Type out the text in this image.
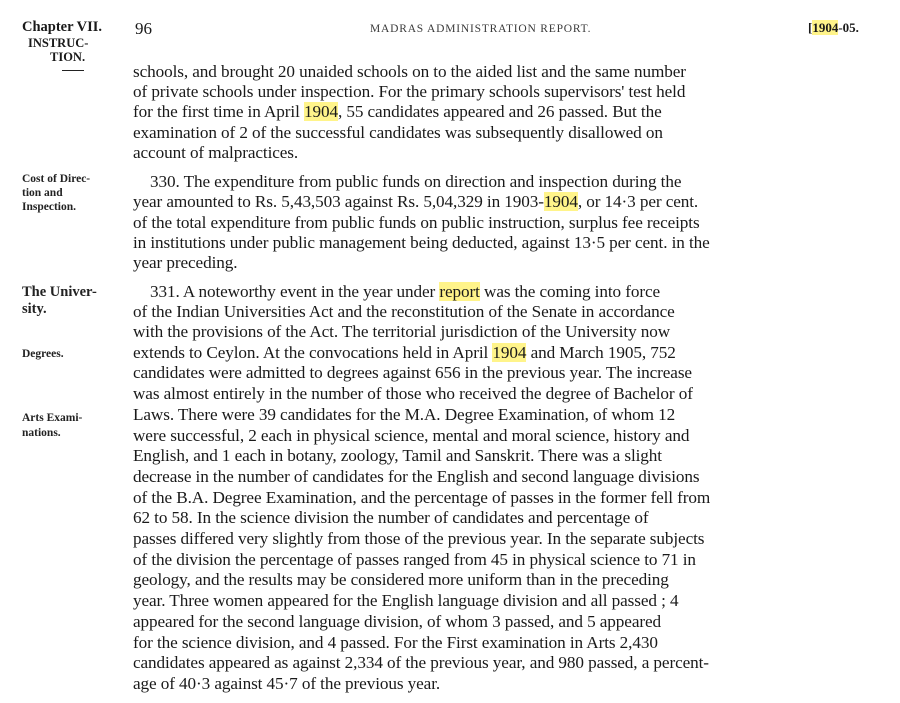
Chapter VII. 96	MADRAS ADMINISTRATION REPORT.	[1904-05.
INSTRUC-
TION.
Cost of Direc-
tion and
Inspection.
The Univer-
sity.
Degrees.
Arts Exami-
nations.
schools, and brought 20 unaided schools on to the aided list and the same number
of private schools under inspection. For the primary schools supervisors' test held
for the first time in April 1904, 55 candidates appeared and 26 passed. But the
examination of 2 of the successful candidates was subsequently disallowed on
account of malpractices.
330. The expenditure from public funds on direction and inspection during the
year amounted to Rs. 5,43,503 against Rs. 5,04,329 in 1903-1904, or 14·3 per cent.
of the total expenditure from public funds on public instruction, surplus fee receipts
in institutions under public management being deducted, against 13·5 per cent. in the
year preceding.
331. A noteworthy event in the year under report was the coming into force
of the Indian Universities Act and the reconstitution of the Senate in accordance
with the provisions of the Act. The territorial jurisdiction of the University now
extends to Ceylon. At the convocations held in April 1904 and March 1905, 752
candidates were admitted to degrees against 656 in the previous year. The increase
was almost entirely in the number of those who received the degree of Bachelor of
Laws. There were 39 candidates for the M.A. Degree Examination, of whom 12
were successful, 2 each in physical science, mental and moral science, history and
English, and 1 each in botany, zoology, Tamil and Sanskrit. There was a slight
decrease in the number of candidates for the English and second language divisions
of the B.A. Degree Examination, and the percentage of passes in the former fell from
62 to 58. In the science division the number of candidates and percentage of
passes differed very slightly from those of the previous year. In the separate subjects
of the division the percentage of passes ranged from 45 in physical science to 71 in
geology, and the results may be considered more uniform than in the preceding
year. Three women appeared for the English language division and all passed ; 4
appeared for the second language division, of whom 3 passed, and 5 appeared
for the science division, and 4 passed. For the First examination in Arts 2,430
candidates appeared as against 2,334 of the previous year, and 980 passed, a percent-
age of 40·3 against 45·7 of the previous year.
